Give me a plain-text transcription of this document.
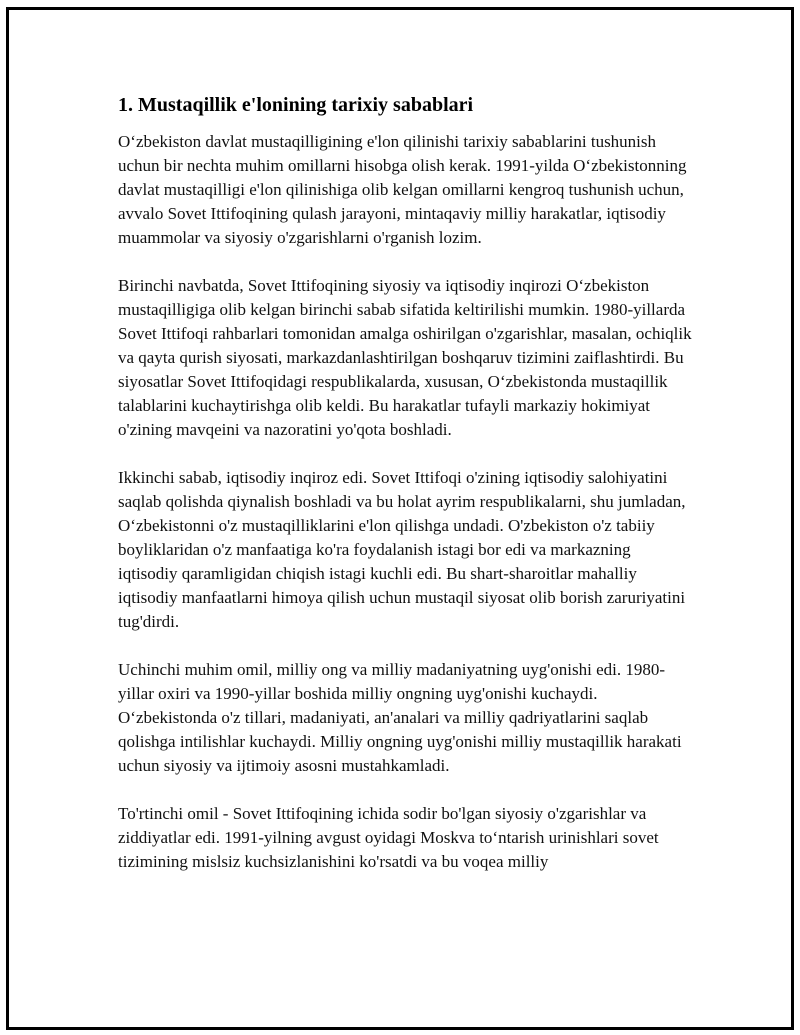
1. Mustaqillik e'lonining tarixiy sabablari

O‘zbekiston davlat mustaqilligining e'lon qilinishi tarixiy sabablarini tushunish uchun bir nechta muhim omillarni hisobga olish kerak. 1991-yilda O‘zbekistonning davlat mustaqilligi e'lon qilinishiga olib kelgan omillarni kengroq tushunish uchun, avvalo Sovet Ittifoqining qulash jarayoni, mintaqaviy milliy harakatlar, iqtisodiy muammolar va siyosiy o'zgarishlarni o'rganish lozim.

Birinchi navbatda, Sovet Ittifoqining siyosiy va iqtisodiy inqirozi O‘zbekiston mustaqilligiga olib kelgan birinchi sabab sifatida keltirilishi mumkin. 1980-yillarda Sovet Ittifoqi rahbarlari tomonidan amalga oshirilgan o'zgarishlar, masalan, ochiqlik va qayta qurish siyosati, markazdanlashtirilgan boshqaruv tizimini zaiflashtirdi. Bu siyosatlar Sovet Ittifoqidagi respublikalarda, xususan, O‘zbekistonda mustaqillik talablarini kuchaytirishga olib keldi. Bu harakatlar tufayli markaziy hokimiyat o'zining mavqeini va nazoratini yo'qota boshladi.

Ikkinchi sabab, iqtisodiy inqiroz edi. Sovet Ittifoqi o'zining iqtisodiy salohiyatini saqlab qolishda qiynalish boshladi va bu holat ayrim respublikalarni, shu jumladan, O‘zbekistonni o'z mustaqilliklarini e'lon qilishga undadi. O'zbekiston o'z tabiiy boyliklaridan o'z manfaatiga ko'ra foydalanish istagi bor edi va markazning iqtisodiy qaramligidan chiqish istagi kuchli edi. Bu shart-sharoitlar mahalliy iqtisodiy manfaatlarni himoya qilish uchun mustaqil siyosat olib borish zaruriyatini tug'dirdi.

Uchinchi muhim omil, milliy ong va milliy madaniyatning uyg'onishi edi. 1980-yillar oxiri va 1990-yillar boshida milliy ongning uyg'onishi kuchaydi. O‘zbekistonda o'z tillari, madaniyati, an'analari va milliy qadriyatlarini saqlab qolishga intilishlar kuchaydi. Milliy ongning uyg'onishi milliy mustaqillik harakati uchun siyosiy va ijtimoiy asosni mustahkamladi.

To'rtinchi omil - Sovet Ittifoqining ichida sodir bo'lgan siyosiy o'zgarishlar va ziddiyatlar edi. 1991-yilning avgust oyidagi Moskva to‘ntarish urinishlari sovet tizimining mislsiz kuchsizlanishini ko'rsatdi va bu voqea milliy
